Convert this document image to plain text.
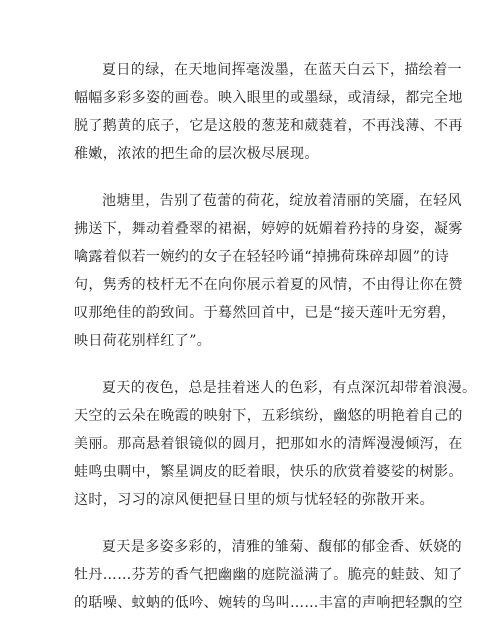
夏日的绿，在天地间挥毫泼墨，在蓝天白云下，描绘着一
幅幅多彩多姿的画卷。映入眼里的或墨绿，或清绿，都完全地
脱了鹅黄的底子，它是这般的葱茏和葳蕤着，不再浅薄、不再
稚嫩，浓浓的把生命的层次极尽展现。
池塘里，告别了苞蕾的荷花，绽放着清丽的笑靥，在轻风
拂送下，舞动着叠翠的裙裾，婷婷的妩媚着矜持的身姿，凝雾
噙露着似若一婉约的女子在轻轻吟诵“掉拂荷珠碎却圆”的诗
句，隽秀的枝杆无不在向你展示着夏的风情，不由得让你在赞
叹那绝佳的韵致间。于蓦然回首中，已是“接天莲叶无穷碧，
映日荷花别样红了”。
夏天的夜色，总是挂着迷人的色彩，有点深沉却带着浪漫。
天空的云朵在晚霞的映射下，五彩缤纷，幽悠的明艳着自己的
美丽。那高悬着银镜似的圆月，把那如水的清辉漫漫倾泻，在
蛙鸣虫啁中，繁星调皮的眨着眼，快乐的欣赏着婆娑的树影。
这时，习习的凉风便把昼日里的烦与忧轻轻的弥散开来。
夏天是多姿多彩的，清雅的雏菊、馥郁的郁金香、妖娆的
牡丹……芬芳的香气把幽幽的庭院溢满了。脆亮的蛙鼓、知了
的聒噪、蚊蚋的低吟、婉转的鸟叫……丰富的声响把轻飘的空
